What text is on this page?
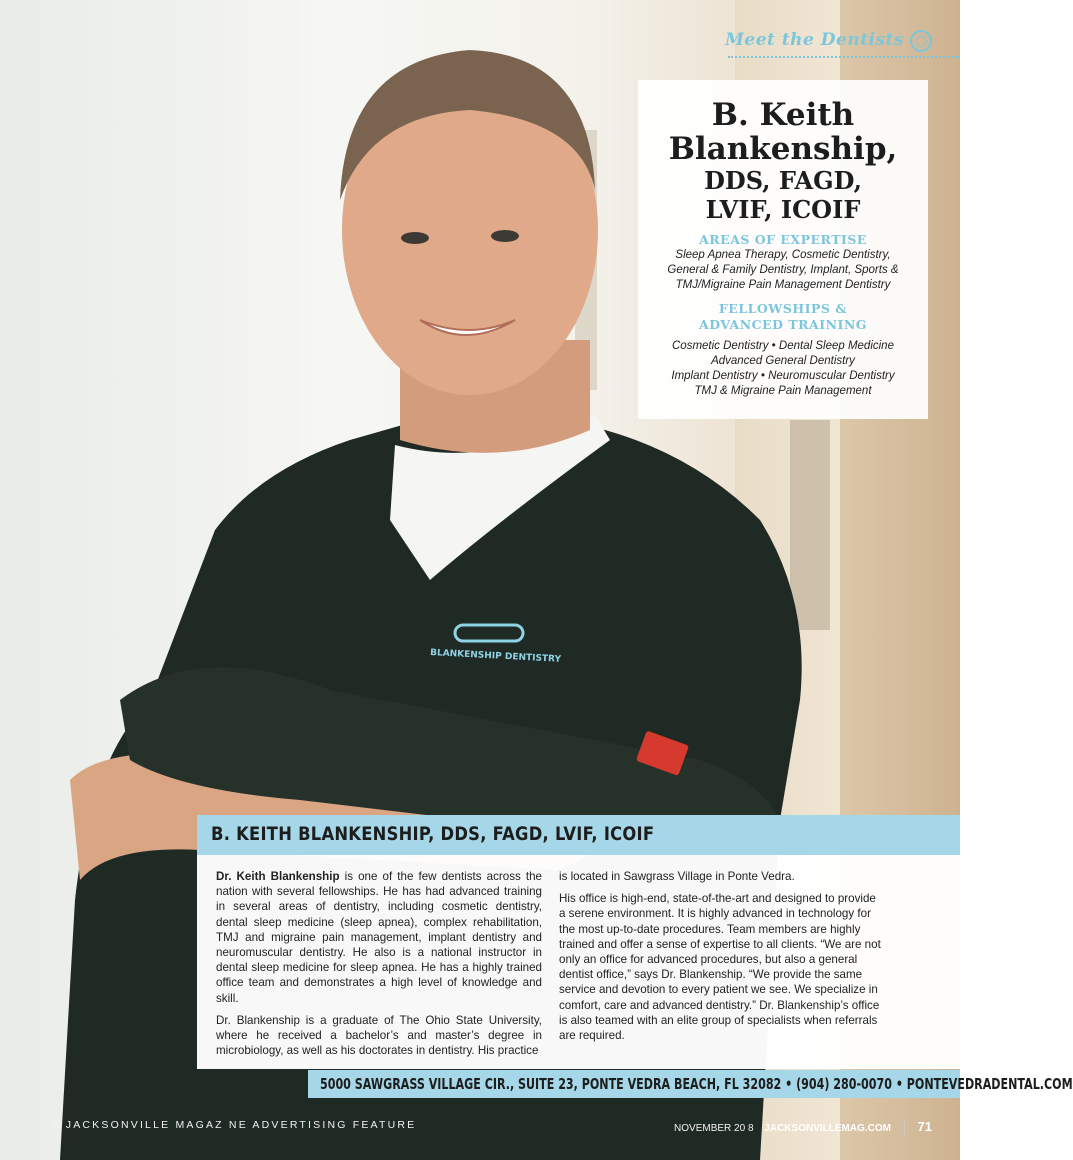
BLANKENSHIP DENTISTRY
Meet the Dentists ◯
B. Keith
Blankenship,
DDS, FAGD,
LVIF, ICOIF
AREAS OF EXPERTISE
Sleep Apnea Therapy, Cosmetic Dentistry,
General & Family Dentistry, Implant, Sports &
TMJ/Migraine Pain Management Dentistry
FELLOWSHIPS &
ADVANCED TRAINING
Cosmetic Dentistry • Dental Sleep Medicine
Advanced General Dentistry
Implant Dentistry • Neuromuscular Dentistry
TMJ & Migraine Pain Management
B. KEITH BLANKENSHIP, DDS, FAGD, LVIF, ICOIF

Dr. Keith Blankenship is one of the few dentists across the nation with several fellowships. He has had advanced training in several areas of dentistry, including cosmetic dentistry, dental sleep medicine (sleep apnea), complex rehabilitation, TMJ and migraine pain management, implant dentistry and neuromuscular dentistry. He also is a national instructor in dental sleep medicine for sleep apnea. He has a highly trained office team and demonstrates a high level of knowledge and skill.

Dr. Blankenship is a graduate of The Ohio State University, where he received a bachelor’s and master’s degree in microbiology, as well as his doctorates in dentistry. His practice

is located in Sawgrass Village in Ponte Vedra.

His office is high-end, state-of-the-art and designed to provide a serene environment. It is highly advanced in technology for the most up-to-date procedures. Team members are highly trained and offer a sense of expertise to all clients. “We are not only an office for advanced procedures, but also a general dentist office,” says Dr. Blankenship. “We provide the same service and devotion to every patient we see. We specialize in comfort, care and advanced dentistry.” Dr. Blankenship’s office is also teamed with an elite group of specialists when referrals are required.

5000 SAWGRASS VILLAGE CIR., SUITE 23, PONTE VEDRA BEACH, FL 32082 • (904) 280-0070 • PONTEVEDRADENTAL.COM
A JACKSONVILLE MAGAZ NE ADVERTISING FEATURE	NOVEMBER 20 8 JACKSONVILLEMAG.COM 71
